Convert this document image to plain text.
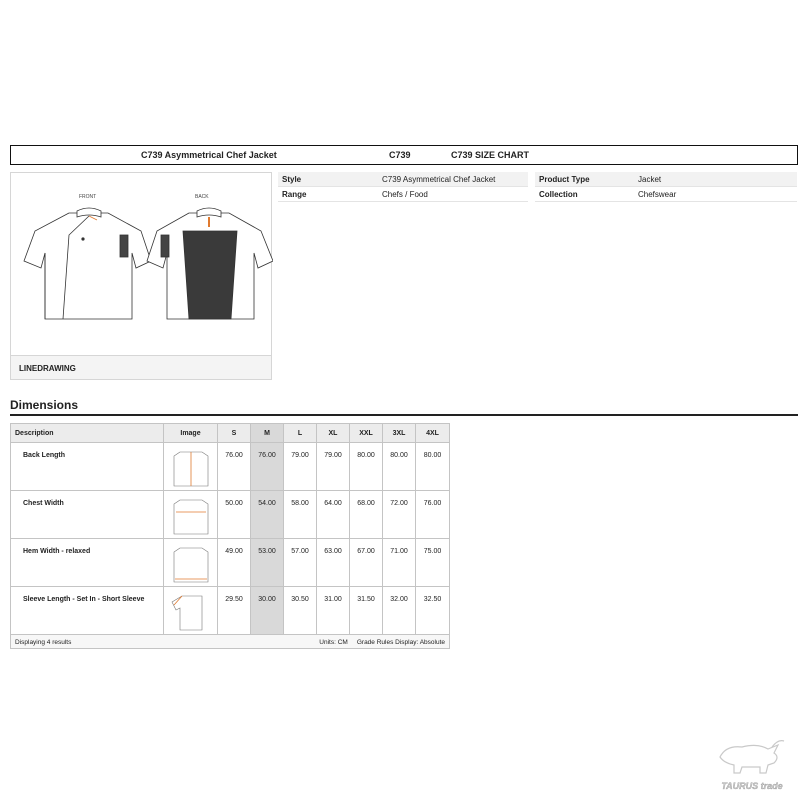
C739 Asymmetrical Chef Jacket	C739	C739 SIZE CHART
FRONT	BACK
LINEDRAWING
Style	C739 Asymmetrical Chef Jacket
Range	Chefs / Food
Product Type	Jacket
Collection	Chefswear
Dimensions
Description	Image	S	M	L	XL	XXL	3XL	4XL
Back Length		76.00	76.00	79.00	79.00	80.00	80.00	80.00
Chest Width		50.00	54.00	58.00	64.00	68.00	72.00	76.00
Hem Width - relaxed		49.00	53.00	57.00	63.00	67.00	71.00	75.00
Sleeve Length - Set In - Short Sleeve		29.50	30.00	30.50	31.00	31.50	32.00	32.50

Displaying 4 results Units: CM Grade Rules Display: Absolute								
TAURUS trade
